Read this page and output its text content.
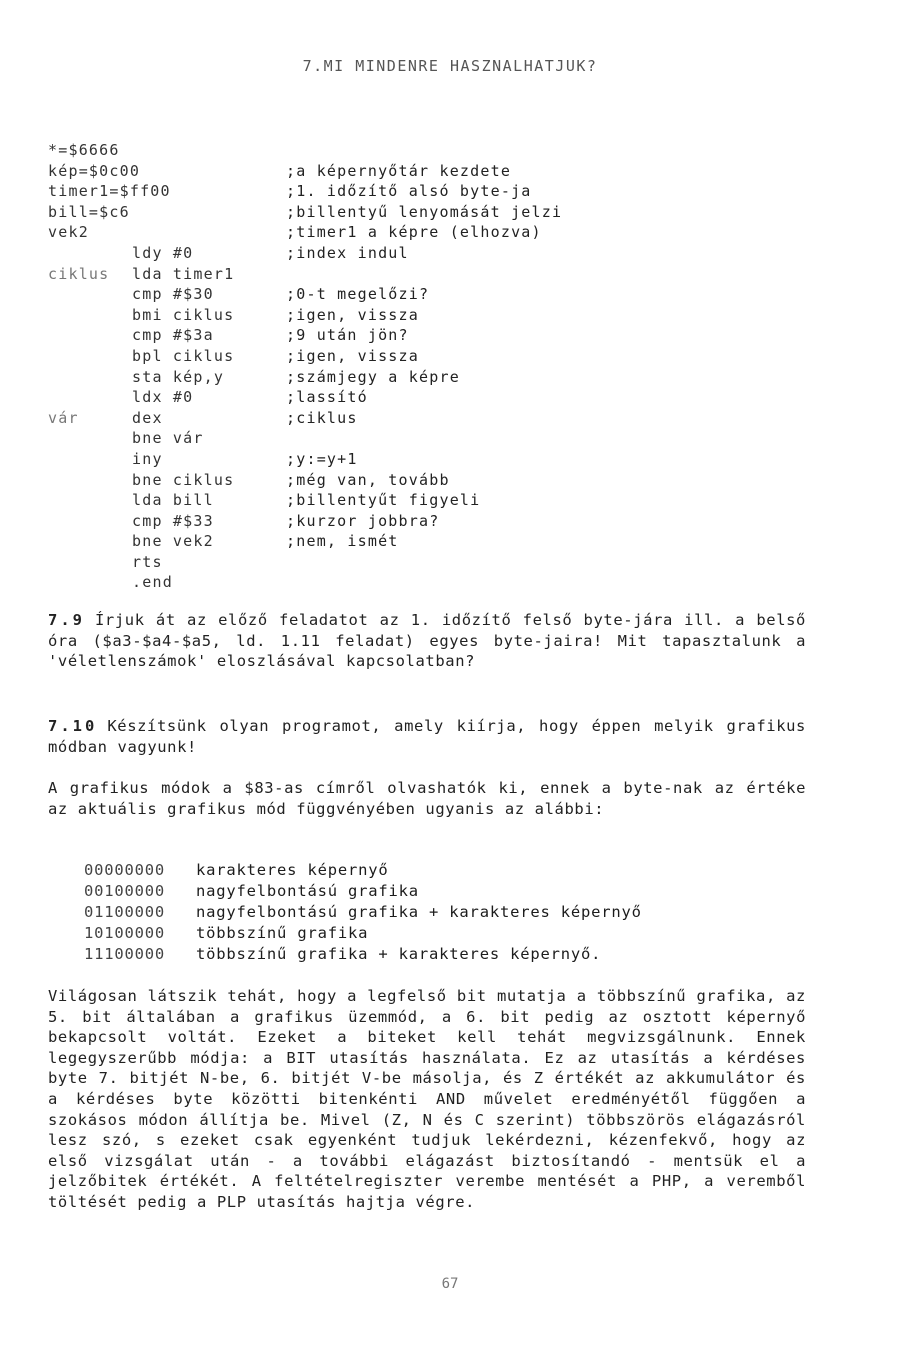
7.MI MINDENRE HASZNALHATJUK?
*=$6666
kép=$0c00	;a képernyőtár kezdete
timer1=$ff00	;1. időzítő alsó byte-ja
bill=$c6	;billentyű lenyomását jelzi
vek2	;timer1 a képre (elhozva)
ldy #0	;index indul
ciklus lda timer1
cmp #$30	;0-t megelőzi?
bmi ciklus	;igen, vissza
cmp #$3a	;9 után jön?
bpl ciklus	;igen, vissza
sta kép,y	;számjegy a képre
ldx #0	;lassító
vár	dex	;ciklus
bne vár
iny	;y:=y+1
bne ciklus	;még van, tovább
lda bill	;billentyűt figyeli
cmp #$33	;kurzor jobbra?
bne vek2	;nem, ismét
rts
.end
7.9 Írjuk át az előző feladatot az 1. időzítő felső byte-jára ill. a belső óra ($a3-$a4-$a5, ld. 1.11 feladat) egyes byte-jaira! Mit tapasztalunk a 'véletlenszámok' eloszlásával kapcsolatban?
7.10 Készítsünk olyan programot, amely kiírja, hogy éppen melyik grafikus módban vagyunk!
A grafikus módok a $83-as címről olvashatók ki, ennek a byte-nak az értéke az aktuális grafikus mód függvényében ugyanis az alábbi:
00000000 karakteres képernyő
00100000 nagyfelbontású grafika
01100000 nagyfelbontású grafika + karakteres képernyő
10100000 többszínű grafika
11100000 többszínű grafika + karakteres képernyő.
Világosan látszik tehát, hogy a legfelső bit mutatja a többszínű grafika, az 5. bit általában a grafikus üzemmód, a 6. bit pedig az osztott képernyő bekapcsolt voltát. Ezeket a biteket kell tehát megvizsgálnunk. Ennek legegyszerűbb módja: a BIT utasítás használata. Ez az utasítás a kérdéses byte 7. bitjét N-be, 6. bitjét V-be másolja, és Z értékét az akkumulátor és a kérdéses byte közötti bitenkénti AND művelet eredményétől függően a szokásos módon állítja be. Mivel (Z, N és C szerint) többszörös elágazásról lesz szó, s ezeket csak egyenként tudjuk lekérdezni, kézenfekvő, hogy az első vizsgálat után - a további elágazást biztosítandó - mentsük el a jelzőbitek értékét. A feltételregiszter verembe mentését a PHP, a veremből töltését pedig a PLP utasítás hajtja végre.
67
